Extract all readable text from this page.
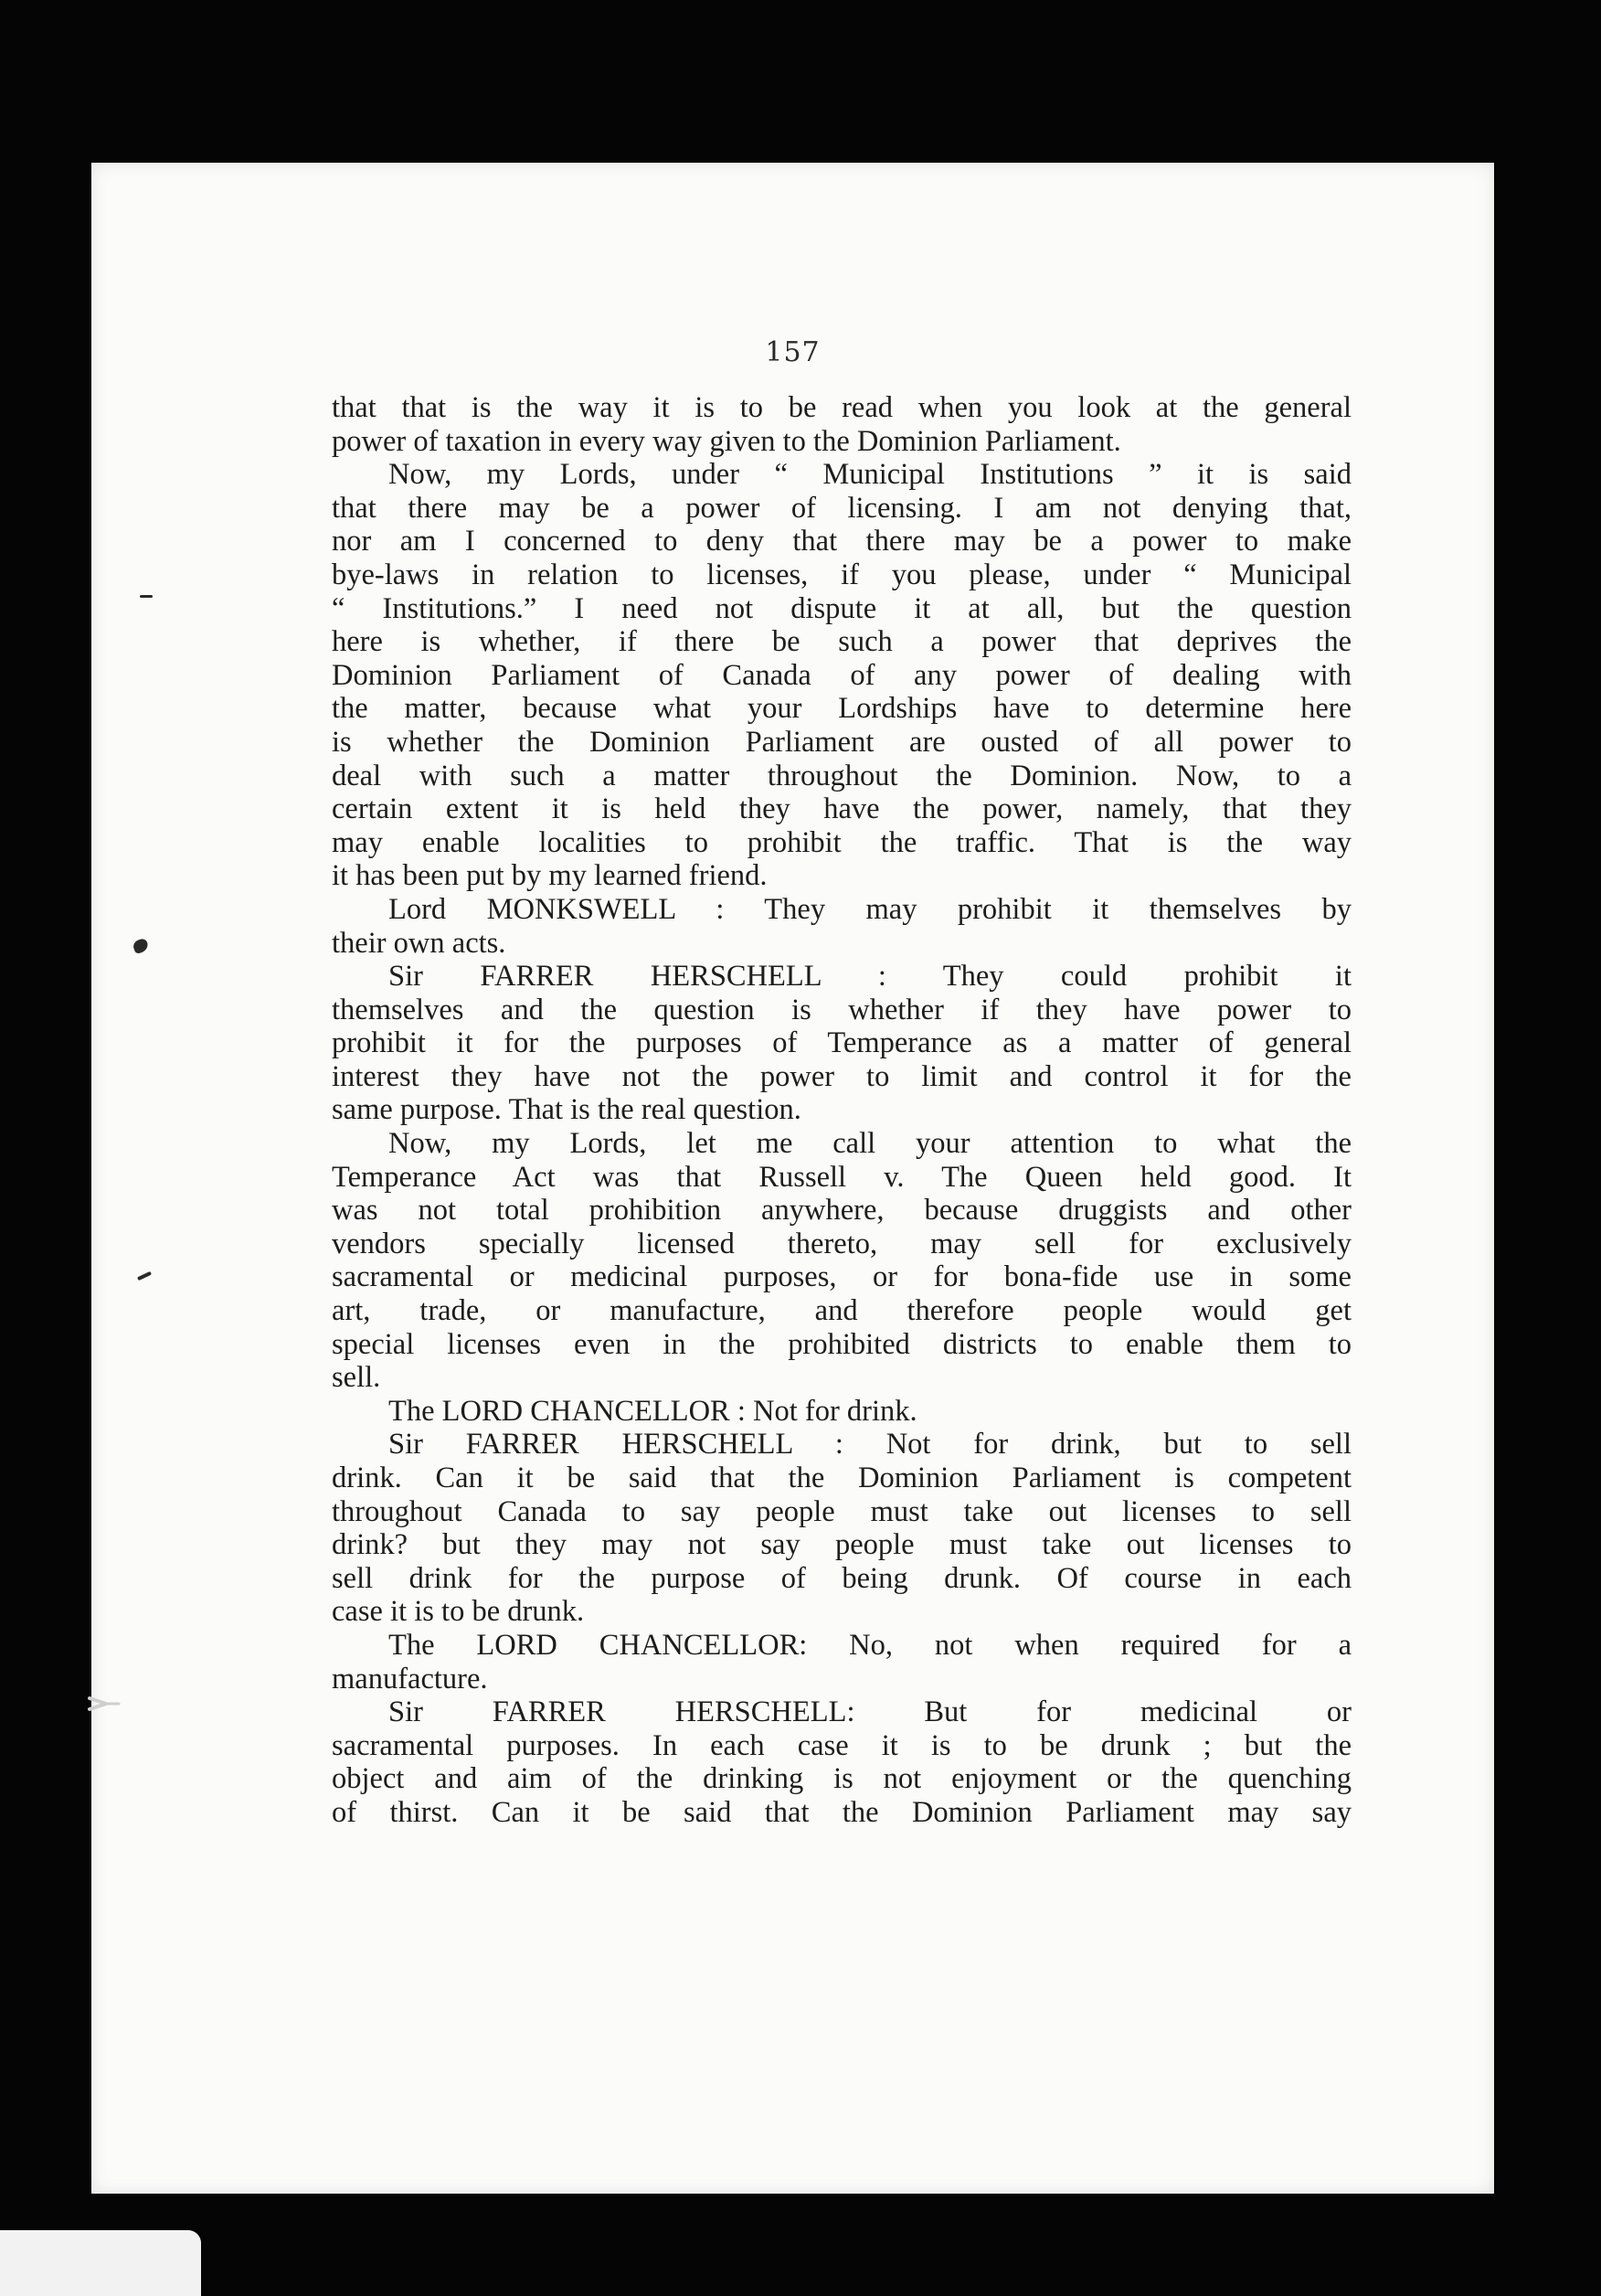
157
that that is the way it is to be read when you look at the general
power of taxation in every way given to the Dominion Parliament.
Now, my Lords, under “ Municipal Institutions ” it is said
that there may be a power of licensing. I am not denying that,
nor am I concerned to deny that there may be a power to make
bye-laws in relation to licenses, if you please, under “ Municipal
“ Institutions.” I need not dispute it at all, but the question
here is whether, if there be such a power that deprives the
Dominion Parliament of Canada of any power of dealing with
the matter, because what your Lordships have to determine here
is whether the Dominion Parliament are ousted of all power to
deal with such a matter throughout the Dominion. Now, to a
certain extent it is held they have the power, namely, that they
may enable localities to prohibit the traffic. That is the way
it has been put by my learned friend.
Lord MONKSWELL : They may prohibit it themselves by
their own acts.
Sir FARRER HERSCHELL : They could prohibit it
themselves and the question is whether if they have power to
prohibit it for the purposes of Temperance as a matter of general
interest they have not the power to limit and control it for the
same purpose. That is the real question.
Now, my Lords, let me call your attention to what the
Temperance Act was that Russell v. The Queen held good. It
was not total prohibition anywhere, because druggists and other
vendors specially licensed thereto, may sell for exclusively
sacramental or medicinal purposes, or for bona-fide use in some
art, trade, or manufacture, and therefore people would get
special licenses even in the prohibited districts to enable them to
sell.
The LORD CHANCELLOR : Not for drink.
Sir FARRER HERSCHELL : Not for drink, but to sell
drink. Can it be said that the Dominion Parliament is competent
throughout Canada to say people must take out licenses to sell
drink? but they may not say people must take out licenses to
sell drink for the purpose of being drunk. Of course in each
case it is to be drunk.
The LORD CHANCELLOR: No, not when required for a
manufacture.
Sir FARRER HERSCHELL: But for medicinal or
sacramental purposes. In each case it is to be drunk ; but the
object and aim of the drinking is not enjoyment or the quenching
of thirst. Can it be said that the Dominion Parliament may say
